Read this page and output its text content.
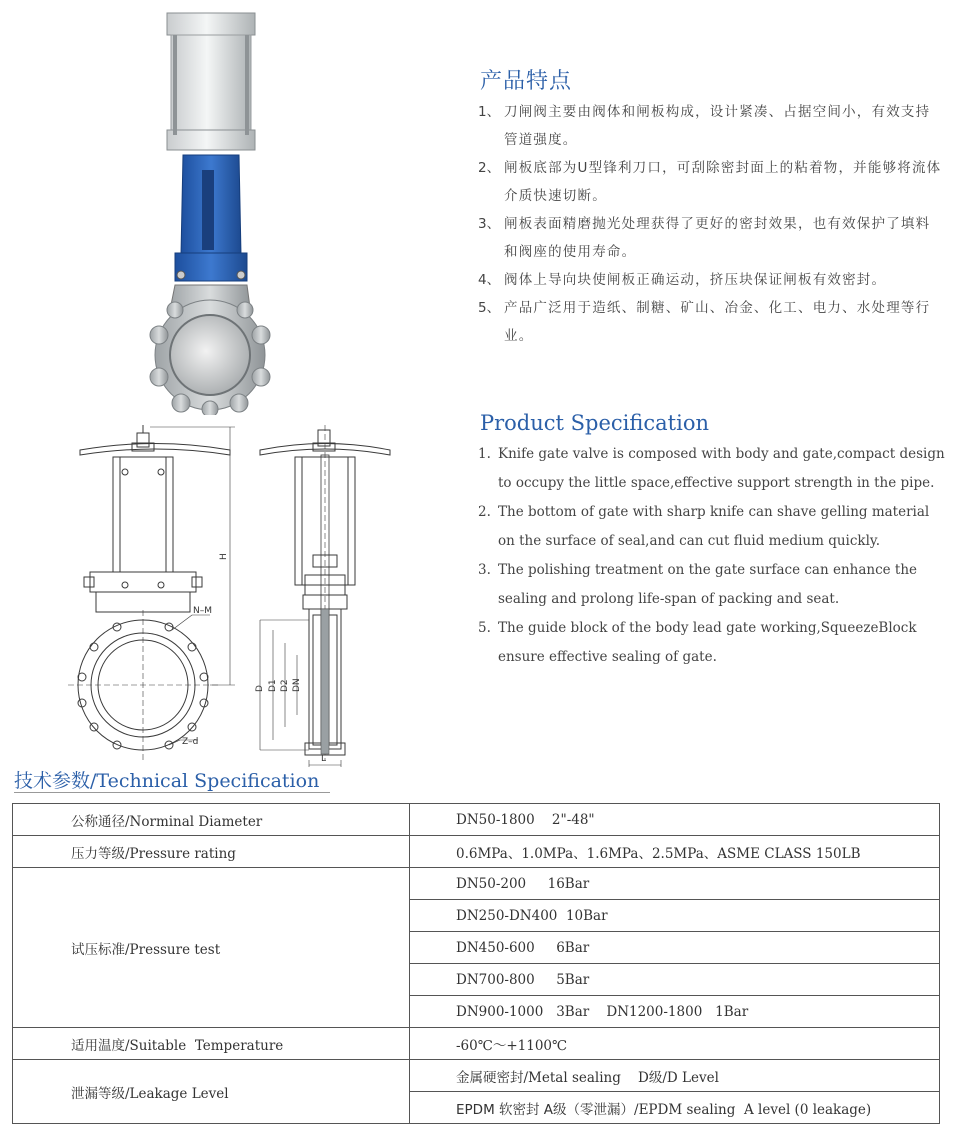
H
N–M
Z–d
D D1 D2 DN
L
产品特点
1、 刀闸阀主要由阀体和闸板构成，设计紧凑、占据空间小，有效支持管道强度。
2、 闸板底部为U型锋利刀口，可刮除密封面上的粘着物，并能够将流体介质快速切断。
3、 闸板表面精磨抛光处理获得了更好的密封效果，也有效保护了填料和阀座的使用寿命。
4、 阀体上导向块使闸板正确运动，挤压块保证闸板有效密封。
5、 产品广泛用于造纸、制糖、矿山、冶金、化工、电力、水处理等行业。
Product Specification
1. Knife gate valve is composed with body and gate,compact design to occupy the little space,effective support strength in the pipe.
2. The bottom of gate with sharp knife can shave gelling material on the surface of seal,and can cut fluid medium quickly.
3. The polishing treatment on the gate surface can enhance the sealing and prolong life-span of packing and seat.
5. The guide block of the body lead gate working,SqueezeBlock ensure effective sealing of gate.
技术参数/Technical Specification
公称通径/Norminal Diameter	DN50-1800    2"-48"
压力等级/Pressure rating	0.6MPa、1.0MPa、1.6MPa、2.5MPa、ASME CLASS 150LB
试压标准/Pressure test	DN50-200     16Bar
	DN250-DN400  10Bar
	DN450-600     6Bar
	DN700-800     5Bar
	DN900-1000   3Bar    DN1200-1800   1Bar
适用温度/Suitable  Temperature	-60℃～+1100℃
泄漏等级/Leakage Level	金属硬密封/Metal sealing    D级/D Level
	EPDM 软密封 A级（零泄漏）/EPDM sealing  A level (0 leakage)
